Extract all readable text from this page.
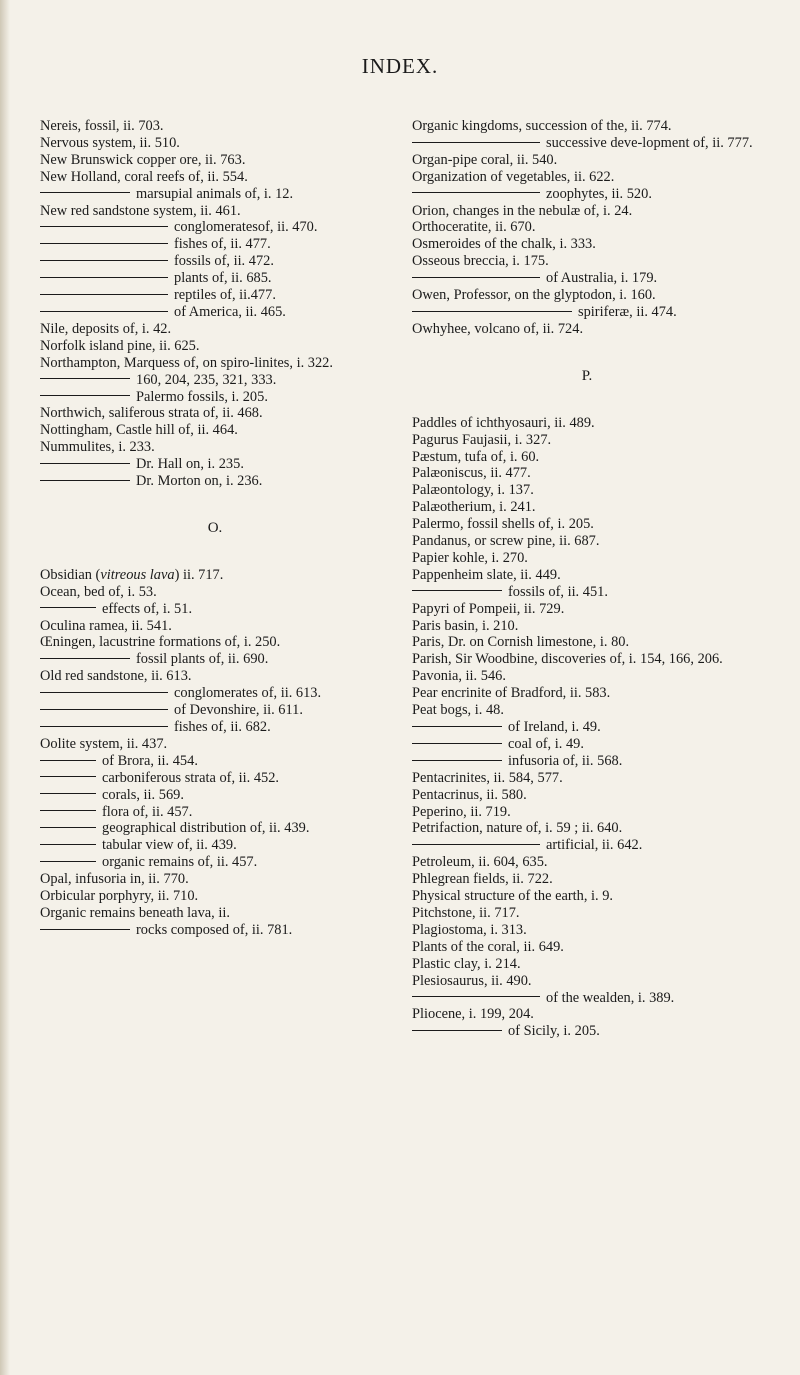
INDEX.
Nereis, fossil, ii. 703.
Nervous system, ii. 510.
New Brunswick copper ore, ii. 763.
New Holland, coral reefs of, ii. 554.
marsupial animals of, i. 12.
New red sandstone system, ii. 461.
conglomeratesof, ii. 470.
fishes of, ii. 477.
fossils of, ii. 472.
plants of, ii. 685.
reptiles of, ii.477.
of America, ii. 465.
Nile, deposits of, i. 42.
Norfolk island pine, ii. 625.
Northampton, Marquess of, on spiro-linites, i. 322.
160, 204, 235, 321, 333.
Palermo fossils, i. 205.
Northwich, saliferous strata of, ii. 468.
Nottingham, Castle hill of, ii. 464.
Nummulites, i. 233.
Dr. Hall on, i. 235.
Dr. Morton on, i. 236.
O.
Obsidian (vitreous lava) ii. 717.
Ocean, bed of, i. 53.
effects of, i. 51.
Oculina ramea, ii. 541.
Œningen, lacustrine formations of, i. 250.
fossil plants of, ii. 690.
Old red sandstone, ii. 613.
conglomerates of, ii. 613.
of Devonshire, ii. 611.
fishes of, ii. 682.
Oolite system, ii. 437.
of Brora, ii. 454.
carboniferous strata of, ii. 452.
corals, ii. 569.
flora of, ii. 457.
geographical distribution of, ii. 439.
tabular view of, ii. 439.
organic remains of, ii. 457.
Opal, infusoria in, ii. 770.
Orbicular porphyry, ii. 710.
Organic remains beneath lava, ii.
rocks composed of, ii. 781.
Organic kingdoms, succession of the, ii. 774.
successive deve-lopment of, ii. 777.
Organ-pipe coral, ii. 540.
Organization of vegetables, ii. 622.
zoophytes, ii. 520.
Orion, changes in the nebulæ of, i. 24.
Orthoceratite, ii. 670.
Osmeroides of the chalk, i. 333.
Osseous breccia, i. 175.
of Australia, i. 179.
Owen, Professor, on the glyptodon, i. 160.
spiriferæ, ii. 474.
Owhyhee, volcano of, ii. 724.
P.
Paddles of ichthyosauri, ii. 489.
Pagurus Faujasii, i. 327.
Pæstum, tufa of, i. 60.
Palæoniscus, ii. 477.
Palæontology, i. 137.
Palæotherium, i. 241.
Palermo, fossil shells of, i. 205.
Pandanus, or screw pine, ii. 687.
Papier kohle, i. 270.
Pappenheim slate, ii. 449.
fossils of, ii. 451.
Papyri of Pompeii, ii. 729.
Paris basin, i. 210.
Paris, Dr. on Cornish limestone, i. 80.
Parish, Sir Woodbine, discoveries of, i. 154, 166, 206.
Pavonia, ii. 546.
Pear encrinite of Bradford, ii. 583.
Peat bogs, i. 48.
of Ireland, i. 49.
coal of, i. 49.
infusoria of, ii. 568.
Pentacrinites, ii. 584, 577.
Pentacrinus, ii. 580.
Peperino, ii. 719.
Petrifaction, nature of, i. 59 ; ii. 640.
artificial, ii. 642.
Petroleum, ii. 604, 635.
Phlegrean fields, ii. 722.
Physical structure of the earth, i. 9.
Pitchstone, ii. 717.
Plagiostoma, i. 313.
Plants of the coral, ii. 649.
Plastic clay, i. 214.
Plesiosaurus, ii. 490.
of the wealden, i. 389.
Pliocene, i. 199, 204.
of Sicily, i. 205.
